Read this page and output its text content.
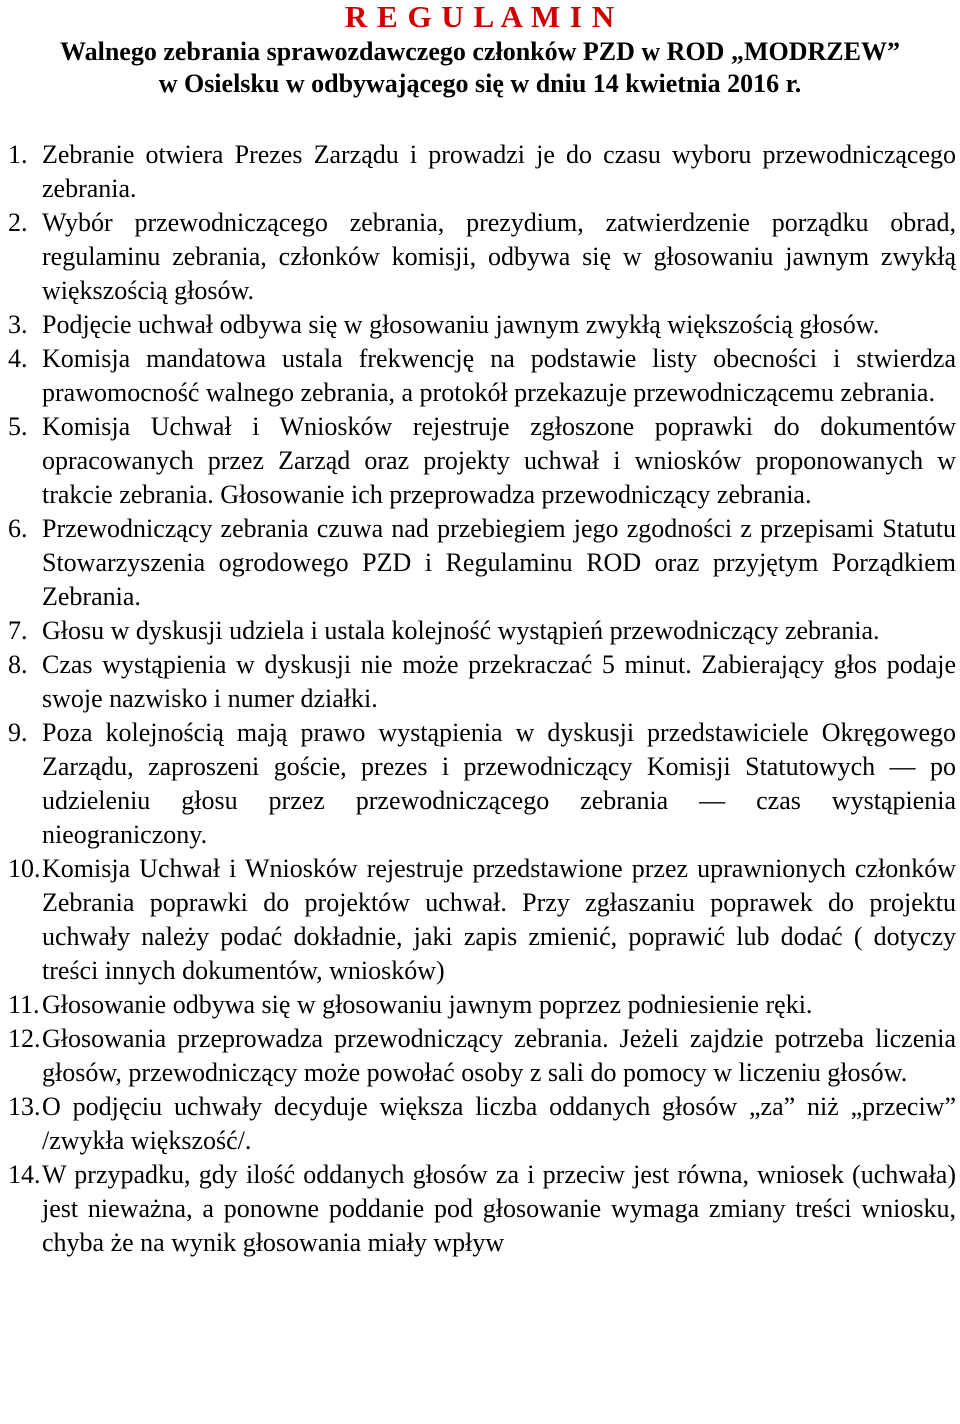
R E G U L A M I N
Walnego zebrania sprawozdawczego członków PZD w ROD „MODRZEW”
w Osielsku w odbywającego się w dniu 14 kwietnia 2016 r.
1. Zebranie otwiera Prezes Zarządu i prowadzi je do czasu wyboru przewodniczącego zebrania.
2. Wybór przewodniczącego zebrania, prezydium, zatwierdzenie porządku obrad, regulaminu zebrania, członków komisji, odbywa się w głosowaniu jawnym zwykłą większością głosów.
3. Podjęcie uchwał odbywa się w głosowaniu jawnym zwykłą większością głosów.
4. Komisja mandatowa ustala frekwencję na podstawie listy obecności i stwierdza prawomocność walnego zebrania, a protokół przekazuje przewodniczącemu zebrania.
5. Komisja Uchwał i Wniosków rejestruje zgłoszone poprawki do dokumentów opracowanych przez Zarząd oraz projekty uchwał i wniosków proponowanych w trakcie zebrania. Głosowanie ich przeprowadza przewodniczący zebrania.
6. Przewodniczący zebrania czuwa nad przebiegiem jego zgodności z przepisami Statutu Stowarzyszenia ogrodowego PZD i Regulaminu ROD oraz przyjętym Porządkiem Zebrania.
7. Głosu w dyskusji udziela i ustala kolejność wystąpień przewodniczący zebrania.
8. Czas wystąpienia w dyskusji nie może przekraczać 5 minut. Zabierający głos podaje swoje nazwisko i numer działki.
9. Poza kolejnością mają prawo wystąpienia w dyskusji przedstawiciele Okręgowego Zarządu, zaproszeni goście, prezes i przewodniczący Komisji Statutowych — po udzieleniu głosu przez przewodniczącego zebrania — czas wystąpienia nieograniczony.
10. Komisja Uchwał i Wniosków rejestruje przedstawione przez uprawnionych członków Zebrania poprawki do projektów uchwał. Przy zgłaszaniu poprawek do projektu uchwały należy podać dokładnie, jaki zapis zmienić, poprawić lub dodać ( dotyczy treści innych dokumentów, wniosków)
11. Głosowanie odbywa się w głosowaniu jawnym poprzez podniesienie ręki.
12. Głosowania przeprowadza przewodniczący zebrania. Jeżeli zajdzie potrzeba liczenia głosów, przewodniczący może powołać osoby z sali do pomocy w liczeniu głosów.
13. O podjęciu uchwały decyduje większa liczba oddanych głosów „za” niż „przeciw” /zwykła większość/.
14. W przypadku, gdy ilość oddanych głosów za i przeciw jest równa, wniosek (uchwała) jest nieważna, a ponowne poddanie pod głosowanie wymaga zmiany treści wniosku, chyba że na wynik głosowania miały wpływ
